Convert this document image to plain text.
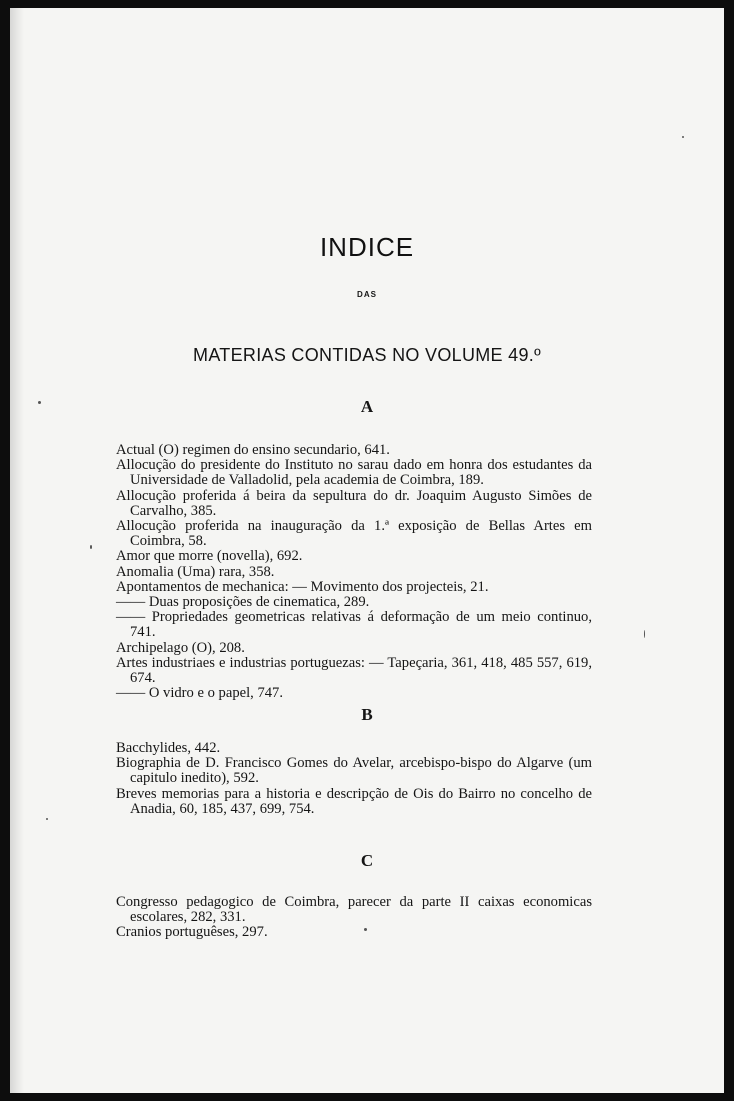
INDICE
DAS
MATERIAS CONTIDAS NO VOLUME 49.º
A

Actual (O) regimen do ensino secundario, 641.

Allocução do presidente do Instituto no sarau dado em honra dos estudantes da Universidade de Valladolid, pela academia de Coimbra, 189.

Allocução proferida á beira da sepultura do dr. Joaquim Augusto Simões de Carvalho, 385.

Allocução proferida na inauguração da 1.ª exposição de Bellas Artes em Coimbra, 58.

Amor que morre (novella), 692.

Anomalia (Uma) rara, 358.

Apontamentos de mechanica: — Movimento dos projecteis, 21.

—— Duas proposições de cinematica, 289.

—— Propriedades geometricas relativas á deformação de um meio continuo, 741.

Archipelago (O), 208.

Artes industriaes e industrias portuguezas: — Tapeçaria, 361, 418, 485 557, 619, 674.

—— O vidro e o papel, 747.

B

Bacchylides, 442.

Biographia de D. Francisco Gomes do Avelar, arcebispo-bispo do Algarve (um capitulo inedito), 592.

Breves memorias para a historia e descripção de Ois do Bairro no concelho de Anadia, 60, 185, 437, 699, 754.

C

Congresso pedagogico de Coimbra, parecer da parte II caixas economicas escolares, 282, 331.

Cranios portuguêses, 297.
